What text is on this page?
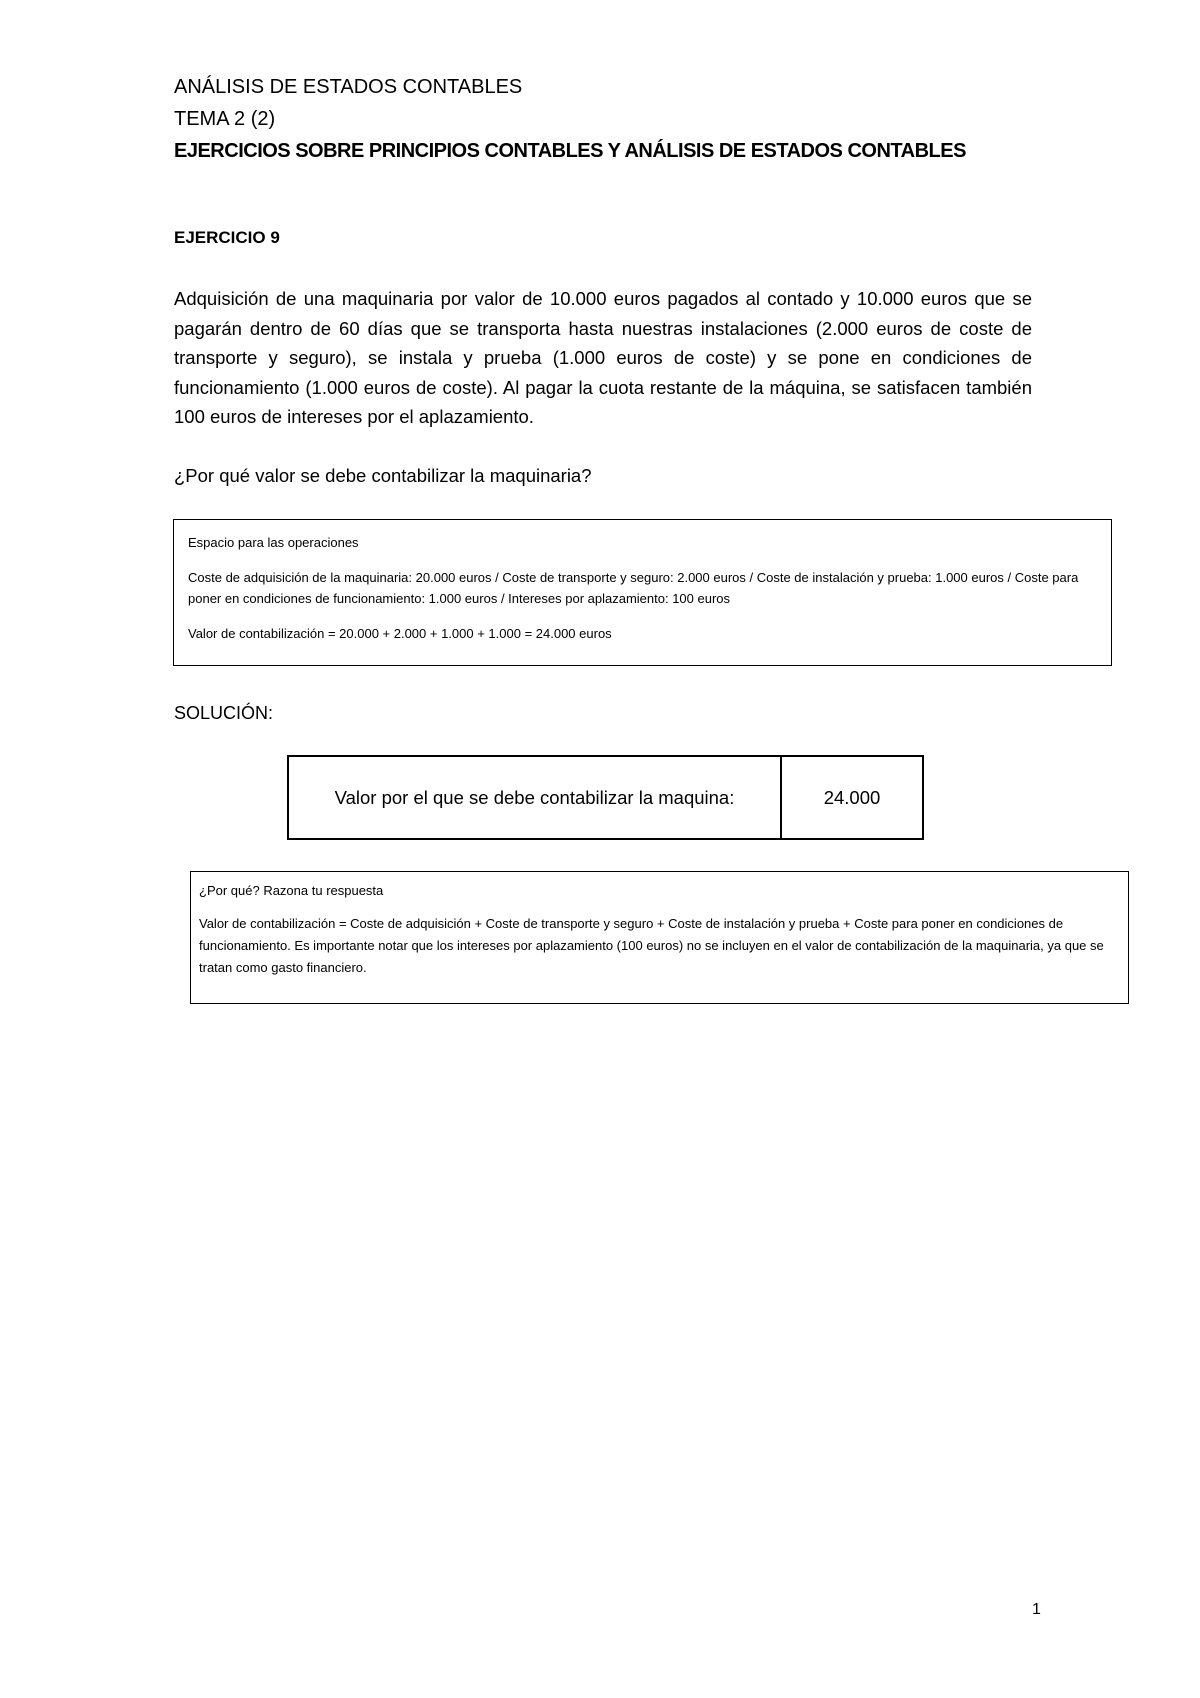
ANÁLISIS DE ESTADOS CONTABLES
TEMA 2 (2)
EJERCICIOS SOBRE PRINCIPIOS CONTABLES Y ANÁLISIS DE ESTADOS CONTABLES
EJERCICIO 9

Adquisición de una maquinaria por valor de 10.000 euros pagados al contado y 10.000 euros que se pagarán dentro de 60 días que se transporta hasta nuestras instalaciones (2.000 euros de coste de transporte y seguro), se instala y prueba (1.000 euros de coste) y se pone en condiciones de funcionamiento (1.000 euros de coste). Al pagar la cuota restante de la máquina, se satisfacen también 100 euros de intereses por el aplazamiento.

¿Por qué valor se debe contabilizar la maquinaria?

Espacio para las operaciones

Coste de adquisición de la maquinaria: 20.000 euros / Coste de transporte y seguro: 2.000 euros / Coste de instalación y prueba: 1.000 euros / Coste para poner en condiciones de funcionamiento: 1.000 euros / Intereses por aplazamiento: 100 euros

Valor de contabilización = 20.000 + 2.000 + 1.000 + 1.000 = 24.000 euros

SOLUCIÓN:
Valor por el que se debe contabilizar la maquina:	24.000

¿Por qué? Razona tu respuesta

Valor de contabilización = Coste de adquisición + Coste de transporte y seguro + Coste de instalación y prueba + Coste para poner en condiciones de funcionamiento. Es importante notar que los intereses por aplazamiento (100 euros) no se incluyen en el valor de contabilización de la maquinaria, ya que se tratan como gasto financiero.

1
